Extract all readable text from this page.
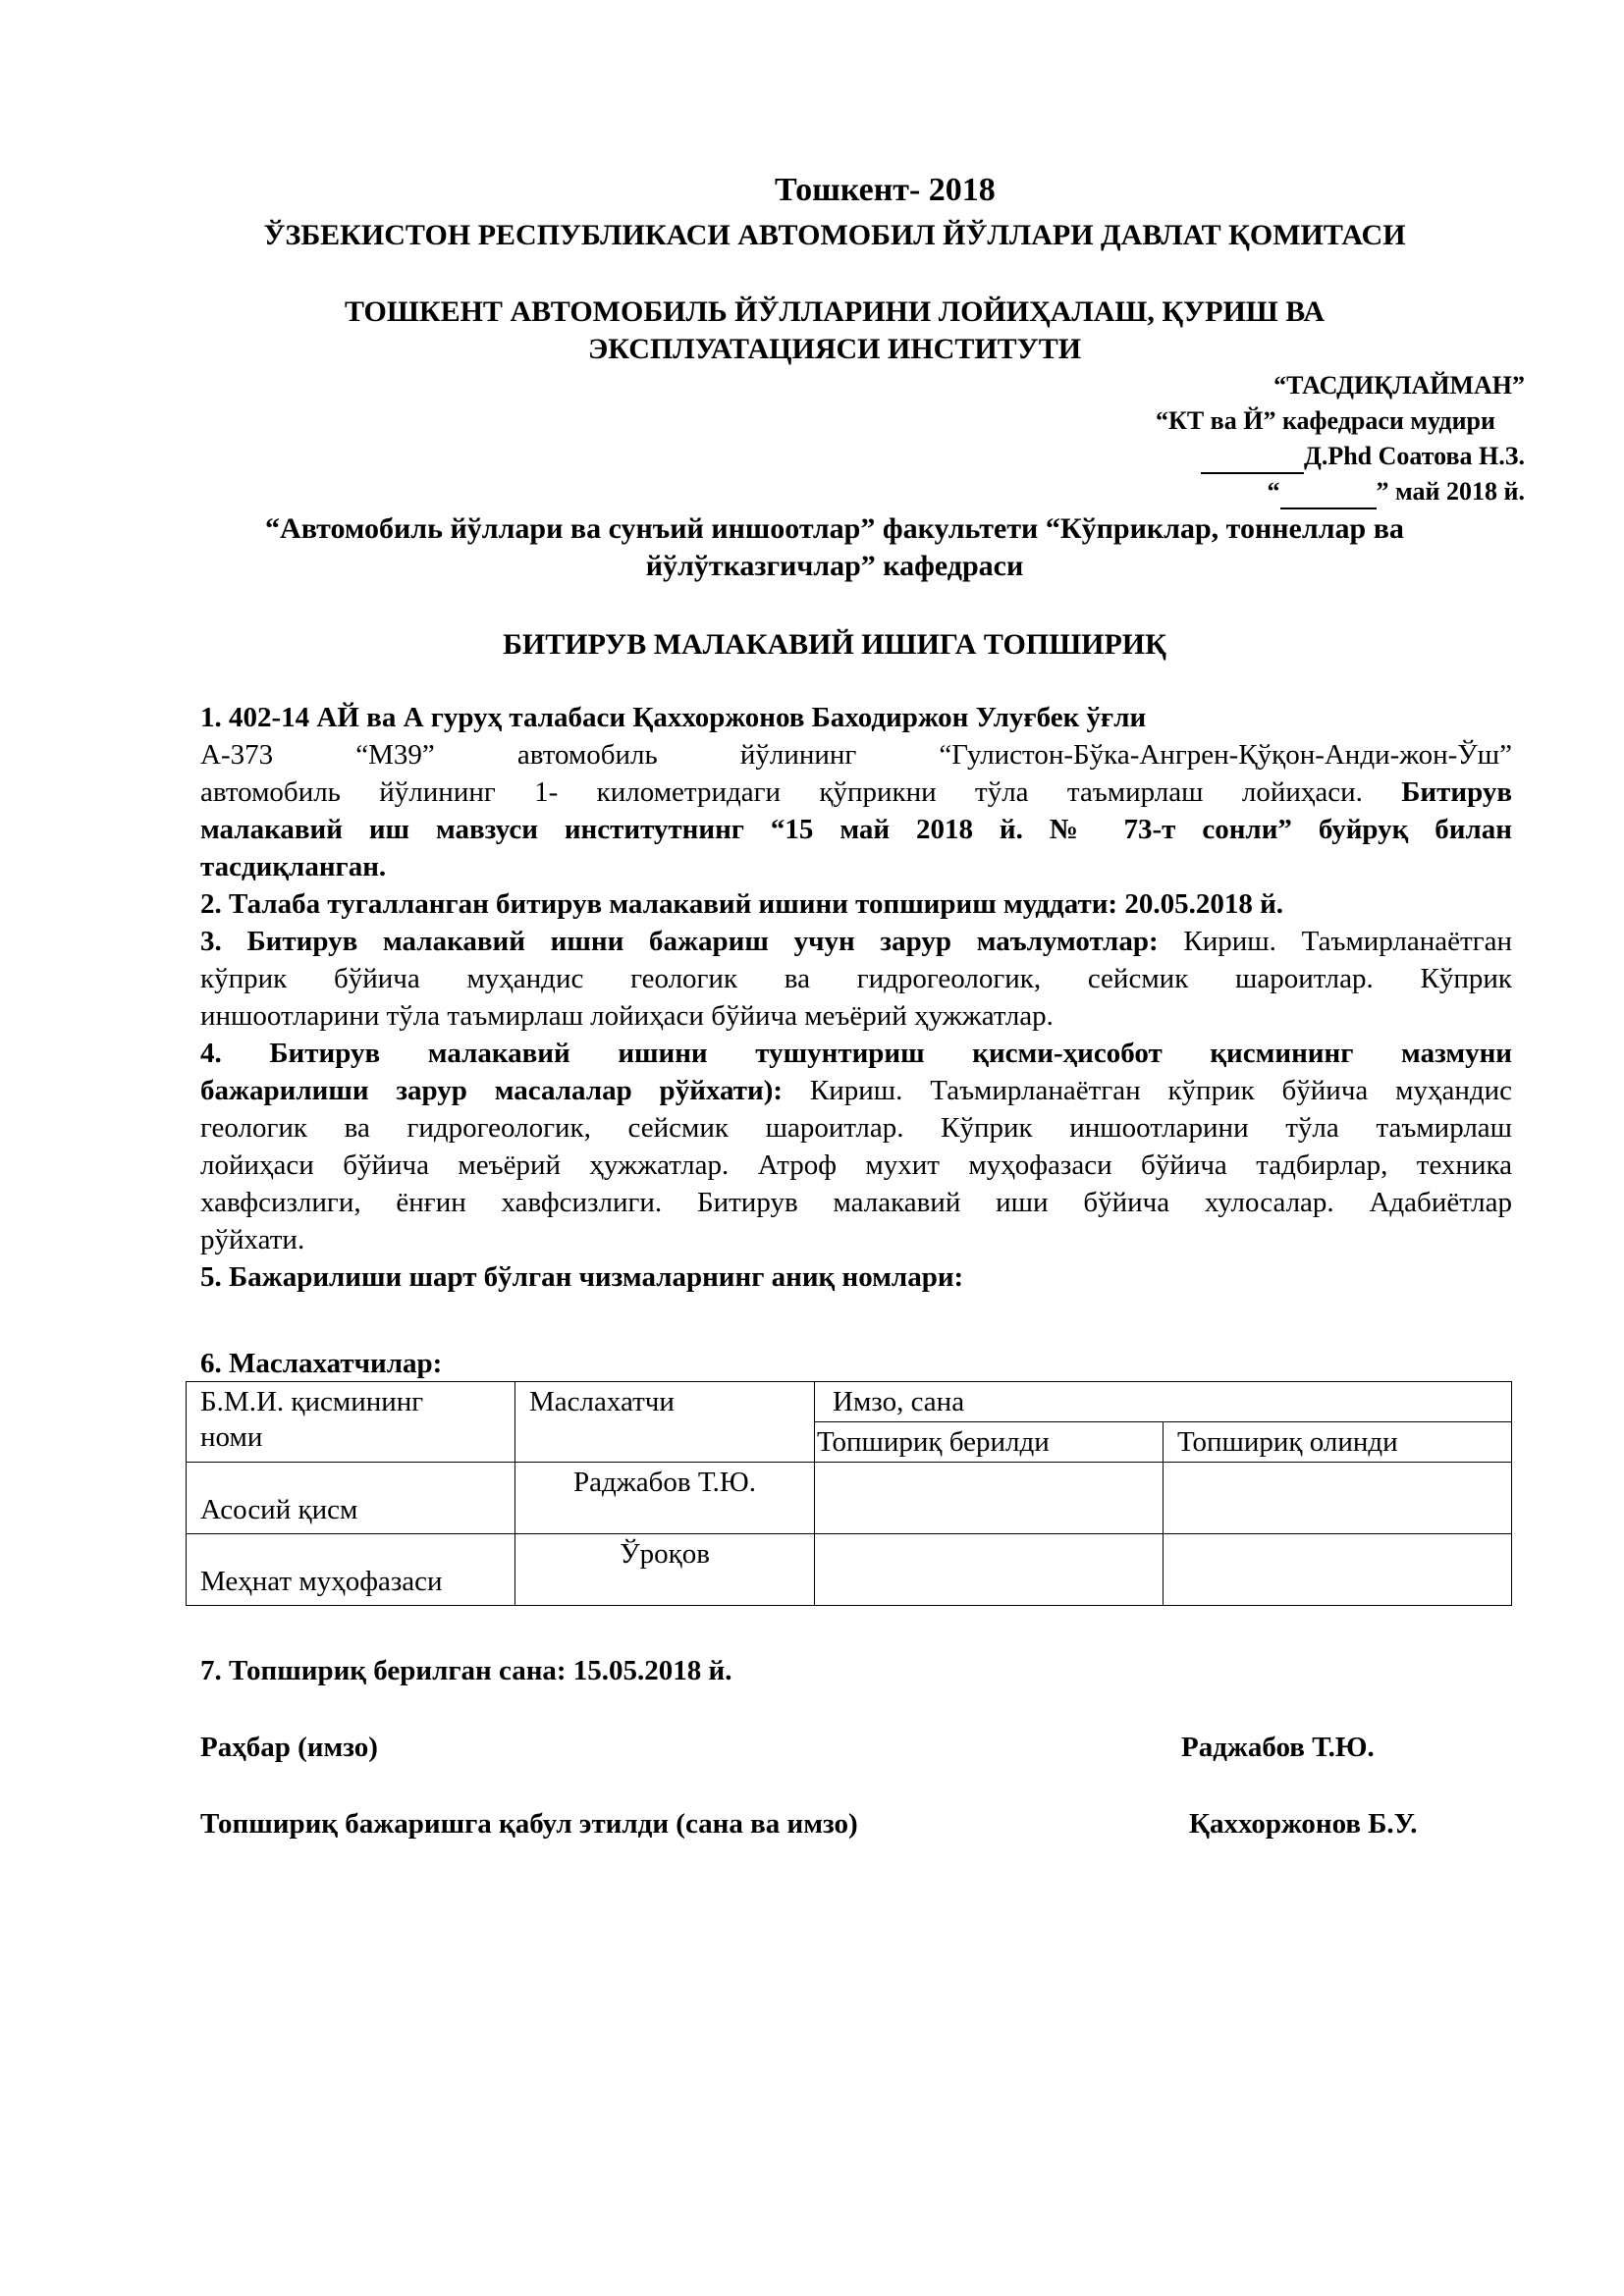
Тошкент- 2018
ЎЗБЕКИСТОН РЕСПУБЛИКАСИ АВТОМОБИЛ ЙЎЛЛАРИ ДАВЛАТ ҚОМИТАСИ
ТОШКЕНТ АВТОМОБИЛЬ ЙЎЛЛАРИНИ ЛОЙИҲАЛАШ, ҚУРИШ ВА
ЭКСПЛУАТАЦИЯСИ ИНСТИТУТИ
“ТАСДИҚЛАЙМАН”
“КТ ва Й” кафедраси мудири
Д.Phd Соатова Н.З.
“	” май 2018 й.
“Автомобиль йўллари ва сунъий иншоотлар” факультети “Кўприклар, тоннеллар ва
йўлўтказгичлар” кафедраси
БИТИРУВ МАЛАКАВИЙ ИШИГА ТОПШИРИҚ
1. 402-14 АЙ ва А гуруҳ талабаси Қаххоржонов Баходиржон Улуғбек ўғли
А-373 “М39” автомобиль йўлининг “Гулистон-Бўка-Ангрен-Қўқон-Анди-жон-Ўш”
автомобиль йўлининг 1- километридаги қўприкни тўла таъмирлаш лойиҳаси. Битирув
малакавий иш мавзуси институтнинг “15 май 2018 й. № 73-т сонли” буйруқ билан
тасдиқланган.
2. Талаба тугалланган битирув малакавий ишини топшириш муддати: 20.05.2018 й.
3. Битирув малакавий ишни бажариш учун зарур маълумотлар: Кириш. Таъмирланаётган
кўприк бўйича муҳандис геологик ва гидрогеологик, сейсмик шароитлар. Кўприк
иншоотларини тўла таъмирлаш лойиҳаси бўйича меъёрий ҳужжатлар.
4. Битирув малакавий ишини тушунтириш қисми-ҳисобот қисмининг мазмуни
бажарилиши зарур масалалар рўйхати): Кириш. Таъмирланаётган кўприк бўйича муҳандис
геологик ва гидрогеологик, сейсмик шароитлар. Кўприк иншоотларини тўла таъмирлаш
лойиҳаси бўйича меъёрий ҳужжатлар. Атроф мухит муҳофазаси бўйича тадбирлар, техника
хавфсизлиги, ёнғин хавфсизлиги. Битирув малакавий иши бўйича хулосалар. Адабиётлар
рўйхати.
5. Бажарилиши шарт бўлган чизмаларнинг аниқ номлари:
6. Маслахатчилар:
Б.М.И. қисмининг
номи	Маслахатчи	Имзо, сана	
		Топшириқ берилди	Топшириқ олинди
Асосий қисм	Раджабов Т.Ю.		
Меҳнат муҳофазаси	Ўроқов		
7. Топшириқ берилган сана: 15.05.2018 й.
Раҳбар (имзо)	Раджабов Т.Ю.
Топшириқ бажаришга қабул этилди (сана ва имзо)	Қаххоржонов Б.У.
